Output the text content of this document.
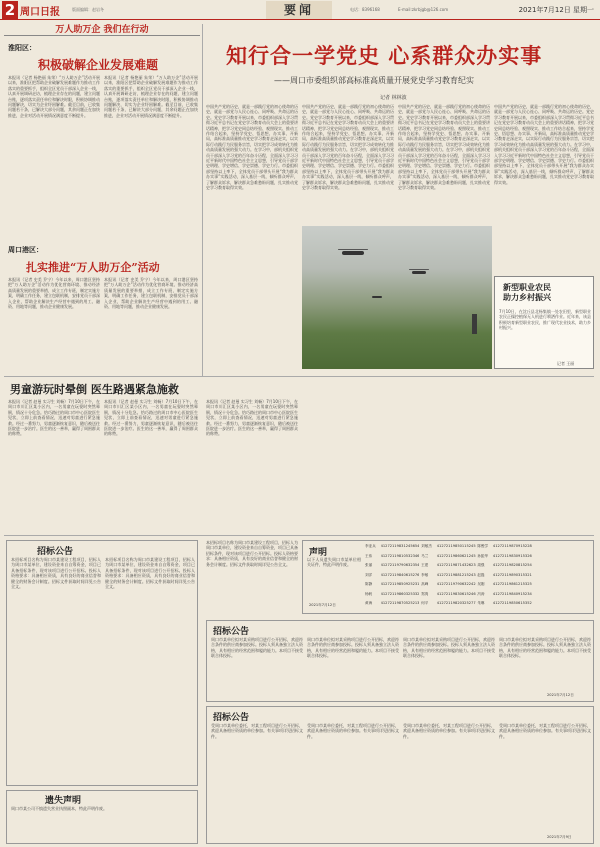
2 周口日报	版面编辑：赵岩冬	电话：8396168	E-mail:zkrbjgb@126.com
要闻	2021年7月12日 星期一
万人助万企 我们在行动
淮阳区：
积极破解企业发展难题
本报讯（记者 杨艳丽 朱荣）“万人助万企”活动开展以来，淮阳区把帮助企业破解发展难题作为推动工作落实的重要抓手，组织全区党员干部深入企业一线，认真开展调研走访，梳理企业存在的问题，建立问题台账，逐项落实责任单位和解决时限，积极协调推动问题解决，切实为企业纾困解难。截至目前，已收集问题若干条，已解决大部分问题，其余问题正在加快推进，企业对活动开展情况满意度不断提升。
本报讯（记者 杨艳丽 朱荣）“万人助万企”活动开展以来，淮阳区把帮助企业破解发展难题作为推动工作落实的重要抓手，组织全区党员干部深入企业一线，认真开展调研走访，梳理企业存在的问题，建立问题台账，逐项落实责任单位和解决时限，积极协调推动问题解决，切实为企业纾困解难。截至目前，已收集问题若干条，已解决大部分问题，其余问题正在加快推进，企业对活动开展情况满意度不断提升。
周口港区：
扎实推进“万人助万企”活动
本报讯（记者 史美 乔宁）今年以来，周口港区坚持把“万人助万企”活动作为优化营商环境、推动经济高质量发展的重要举措，成立工作专班，制定实施方案，明确工作任务，建立包联机制，安排党员干部深入企业，帮助企业解决生产经营中遇到的用工、融资、用地等问题，推动企业健康发展。
本报讯（记者 史美 乔宁）今年以来，周口港区坚持把“万人助万企”活动作为优化营商环境、推动经济高质量发展的重要举措，成立工作专班，制定实施方案，明确工作任务，建立包联机制，安排党员干部深入企业，帮助企业解决生产经营中遇到的用工、融资、用地等问题，推动企业健康发展。
知行合一学党史 心系群众办实事
——周口市委组织部高标准高质量开展党史学习教育纪实
记者 林林波
中国共产党的历史，就是一部践行党的初心使命的历史，就是一部党与人民心连心、同呼吸、共命运的历史。党史学习教育开展以来，市委组织部深入学习贯彻习近平总书记在党史学习教育动员大会上的重要讲话精神，把学习党史同总结经验、观照现实、推动工作结合起来，坚持学党史、悟思想、办实事、开新局，高标准高质量推动党史学习教育走深走实，以实际行动践行为民服务宗旨，切实把学习成效转化为推动高质量发展的强大动力。在学习中，部机关组织党员干部深入学习党的百年奋斗历程，全面深入学习习近平新时代中国特色社会主义思想，引导党员干部学史明理、学史增信、学史崇德、学史力行。市委组织部坚持以上率下，全体党员干部带头开展“我为群众办实事”实践活动，深入基层一线，倾听群众呼声，了解群众诉求，解决群众急难愁盼问题，扎实推动党史学习教育取得实效。
中国共产党的历史，就是一部践行党的初心使命的历史，就是一部党与人民心连心、同呼吸、共命运的历史。党史学习教育开展以来，市委组织部深入学习贯彻习近平总书记在党史学习教育动员大会上的重要讲话精神，把学习党史同总结经验、观照现实、推动工作结合起来，坚持学党史、悟思想、办实事、开新局，高标准高质量推动党史学习教育走深走实，以实际行动践行为民服务宗旨，切实把学习成效转化为推动高质量发展的强大动力。在学习中，部机关组织党员干部深入学习党的百年奋斗历程，全面深入学习习近平新时代中国特色社会主义思想，引导党员干部学史明理、学史增信、学史崇德、学史力行。市委组织部坚持以上率下，全体党员干部带头开展“我为群众办实事”实践活动，深入基层一线，倾听群众呼声，了解群众诉求，解决群众急难愁盼问题，扎实推动党史学习教育取得实效。
中国共产党的历史，就是一部践行党的初心使命的历史，就是一部党与人民心连心、同呼吸、共命运的历史。党史学习教育开展以来，市委组织部深入学习贯彻习近平总书记在党史学习教育动员大会上的重要讲话精神，把学习党史同总结经验、观照现实、推动工作结合起来，坚持学党史、悟思想、办实事、开新局，高标准高质量推动党史学习教育走深走实，以实际行动践行为民服务宗旨，切实把学习成效转化为推动高质量发展的强大动力。在学习中，部机关组织党员干部深入学习党的百年奋斗历程，全面深入学习习近平新时代中国特色社会主义思想，引导党员干部学史明理、学史增信、学史崇德、学史力行。市委组织部坚持以上率下，全体党员干部带头开展“我为群众办实事”实践活动，深入基层一线，倾听群众呼声，了解群众诉求，解决群众急难愁盼问题，扎实推动党史学习教育取得实效。
中国共产党的历史，就是一部践行党的初心使命的历史，就是一部党与人民心连心、同呼吸、共命运的历史。党史学习教育开展以来，市委组织部深入学习贯彻习近平总书记在党史学习教育动员大会上的重要讲话精神，把学习党史同总结经验、观照现实、推动工作结合起来，坚持学党史、悟思想、办实事、开新局，高标准高质量推动党史学习教育走深走实，以实际行动践行为民服务宗旨，切实把学习成效转化为推动高质量发展的强大动力。在学习中，部机关组织党员干部深入学习党的百年奋斗历程，全面深入学习习近平新时代中国特色社会主义思想，引导党员干部学史明理、学史增信、学史崇德、学史力行。市委组织部坚持以上率下，全体党员干部带头开展“我为群众办实事”实践活动，深入基层一线，倾听群众呼声，了解群众诉求，解决群众急难愁盼问题，扎实推动党史学习教育取得实效。
新型职业农民
助力乡村振兴
7月10日，在沈丘县北杨集镇一处农田里，新型职业农民正操控植保无人机进行喷洒作业。近年来，该县积极培育新型职业农民，推广现代农业技术，助力乡村振兴。
记者 王丽
男童游玩时晕倒 医生路遇紧急施救
本报讯（记者 赵曼 实习生 刘畅）7月10日下午，在周口市川汇区某小区内，一名男童在玩耍时突然晕倒，情况十分危急。恰巧路过的周口市中心医院医生见状，立即上前查看情况，迅速对男童进行紧急施救。经过一番努力，男童逐渐恢复意识，随后被送往医院进一步治疗。医生的这一善举，赢得了周围群众的称赞。
本报讯（记者 赵曼 实习生 刘畅）7月10日下午，在周口市川汇区某小区内，一名男童在玩耍时突然晕倒，情况十分危急。恰巧路过的周口市中心医院医生见状，立即上前查看情况，迅速对男童进行紧急施救。经过一番努力，男童逐渐恢复意识，随后被送往医院进一步治疗。医生的这一善举，赢得了周围群众的称赞。
本报讯（记者 赵曼 实习生 刘畅）7月10日下午，在周口市川汇区某小区内，一名男童在玩耍时突然晕倒，情况十分危急。恰巧路过的周口市中心医院医生见状，立即上前查看情况，迅速对男童进行紧急施救。经过一番努力，男童逐渐恢复意识，随后被送往医院进一步治疗。医生的这一善举，赢得了周围群众的称赞。
招标公告
本招标项目名称为周口市某建设工程项目，招标人为周口市某单位，建设资金来自自筹资金，项目已具备招标条件，现对该项目进行公开招标。投标人资格要求：具备相应资质，具有良好的商业信誉和健全的财务会计制度。招标文件获取时间详见公告全文。
本招标项目名称为周口市某建设工程项目，招标人为周口市某单位，建设资金来自自筹资金，项目已具备招标条件，现对该项目进行公开招标。投标人资格要求：具备相应资质，具有良好的商业信誉和健全的财务会计制度。招标文件获取时间详见公告全文。
遗失声明
周口市某公司不慎遗失营业执照副本，特此声明作废。
本招标项目名称为周口市某建设工程项目，招标人为周口市某单位，建设资金来自自筹资金，项目已具备招标条件，现对该项目进行公开招标。投标人资格要求：具备相应资质，具有良好的商业信誉和健全的财务会计制度。招标文件获取时间详见公告全文。
声明
以下人员遗失周口市某单位相关证件，特此声明作废。
2021年7月12日
李亚兵 41272119831245654 刘敏杰 41272119850115245 陈俊学 41272119870915228
王伟 41272119810532346 马兰 41272119860621245 孙振华 41272119830915326
张丽 41272119790632354 王建 41272119871432623 周强 41272119820815254
刘洋 41272119840615276 李敏 41272119881215243 赵磊 41272119890315321
陈静 41272119850925231 高峰 41272119790632242 吴刚 41272119861215325
杨帆 41272119860325332 郑爽 41272119830615246 冯涛 41272119840915234
黄海 41272119870525213 何平 41272119820325277 朱琳 41272119850615352
招标公告
周口市某单位拟对某采购项目进行公开招标，欢迎符合条件的供应商参加投标。投标人须具备独立法人资格，具有相应的经营范围和履约能力。本项目不接受联合体投标。
周口市某单位拟对某采购项目进行公开招标，欢迎符合条件的供应商参加投标。投标人须具备独立法人资格，具有相应的经营范围和履约能力。本项目不接受联合体投标。
周口市某单位拟对某采购项目进行公开招标，欢迎符合条件的供应商参加投标。投标人须具备独立法人资格，具有相应的经营范围和履约能力。本项目不接受联合体投标。
周口市某单位拟对某采购项目进行公开招标，欢迎符合条件的供应商参加投标。投标人须具备独立法人资格，具有相应的经营范围和履约能力。本项目不接受联合体投标。
2021年7月12日
招标公告
受周口市某单位委托，对某工程项目进行公开招标，欢迎具备相应资质的单位参加。有关事项详见招标文件。
受周口市某单位委托，对某工程项目进行公开招标，欢迎具备相应资质的单位参加。有关事项详见招标文件。
受周口市某单位委托，对某工程项目进行公开招标，欢迎具备相应资质的单位参加。有关事项详见招标文件。
受周口市某单位委托，对某工程项目进行公开招标，欢迎具备相应资质的单位参加。有关事项详见招标文件。
2021年7月9日
